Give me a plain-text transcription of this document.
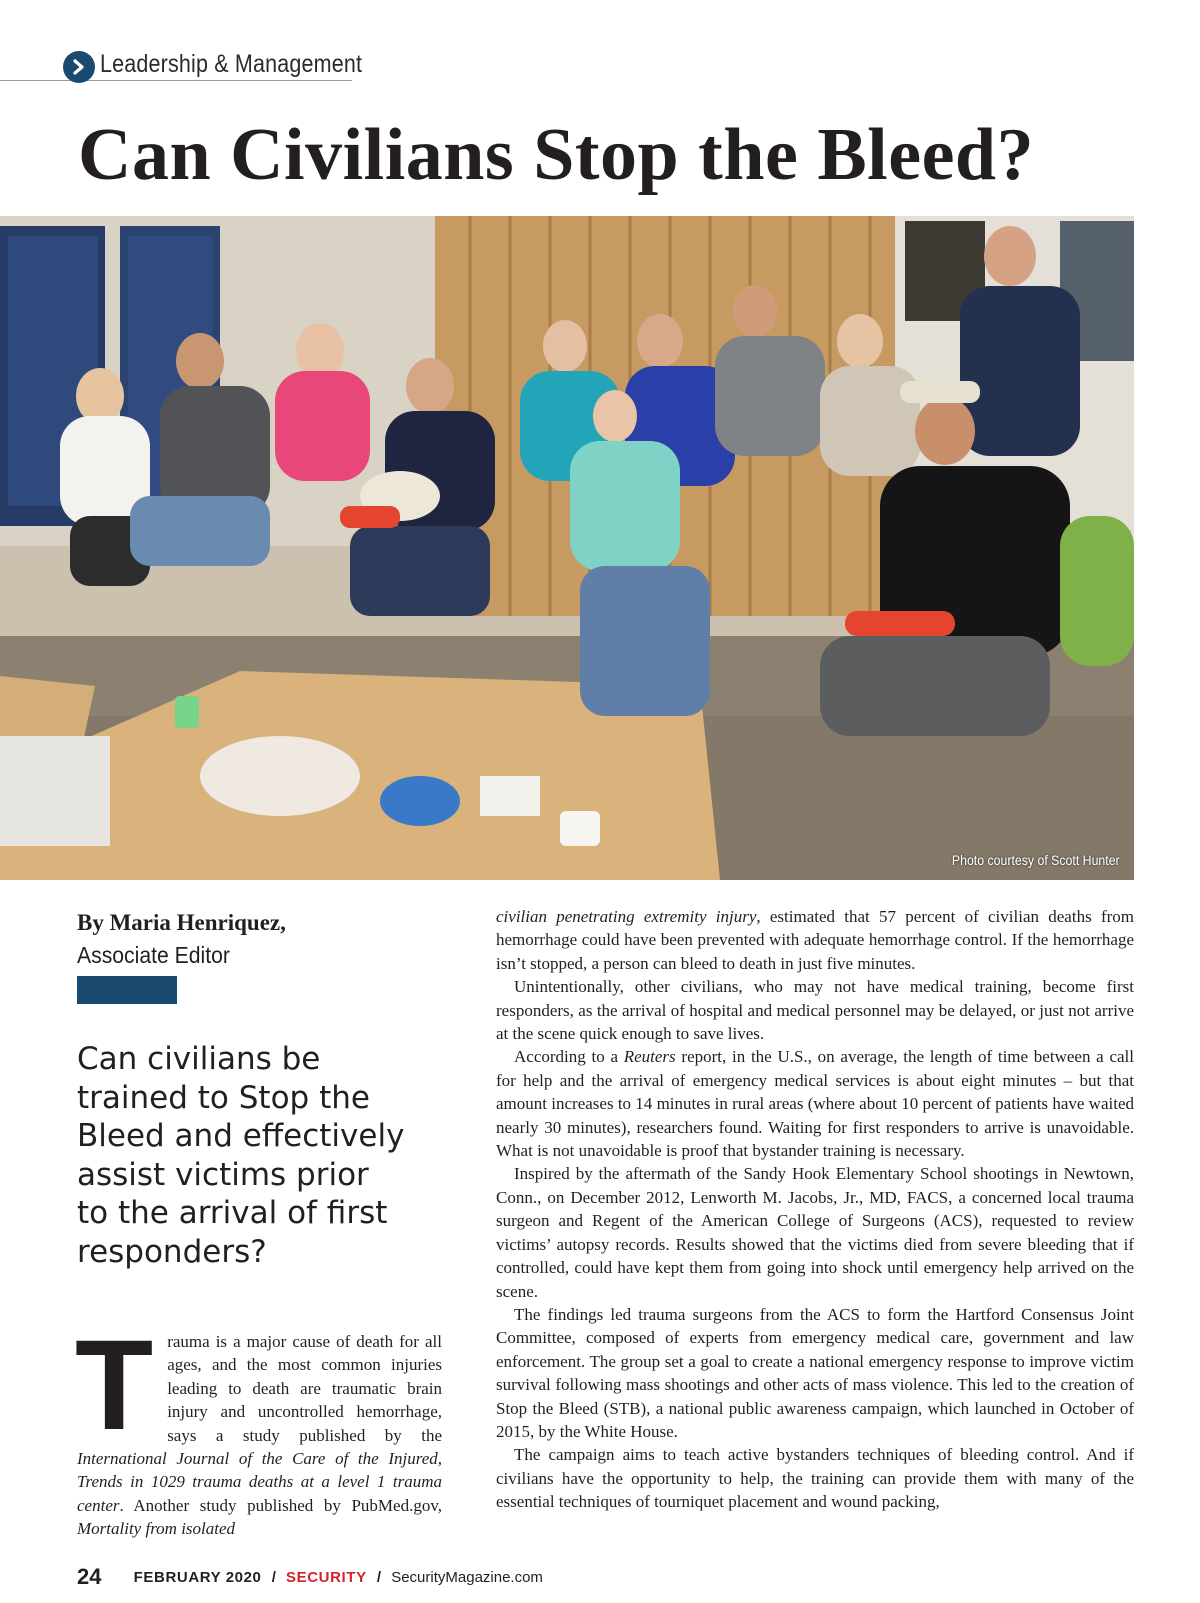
Leadership & Management
Can Civilians Stop the Bleed?
Photo courtesy of Scott Hunter
By Maria Henriquez,
Associate Editor
Can civilians be
trained to Stop the
Bleed and effectively
assist victims prior
to the arrival of first
responders?

Trauma is a major cause of death for all ages, and the most common injuries leading to death are traumatic brain injury and uncontrolled hemorrhage, says a study published by the International Journal of the Care of the Injured, Trends in 1029 trauma deaths at a level 1 trauma center. Another study published by PubMed.gov, Mortality from isolated

civilian penetrating extremity injury, estimated that 57 percent of civilian deaths from hemorrhage could have been prevented with adequate hemorrhage control. If the hemorrhage isn’t stopped, a person can bleed to death in just five minutes.

Unintentionally, other civilians, who may not have medical training, become first responders, as the arrival of hospital and medical personnel may be delayed, or just not arrive at the scene quick enough to save lives.

According to a Reuters report, in the U.S., on average, the length of time between a call for help and the arrival of emergency medical services is about eight minutes – but that amount increases to 14 minutes in rural areas (where about 10 percent of patients have waited nearly 30 minutes), researchers found. Waiting for first responders to arrive is unavoidable. What is not unavoidable is proof that bystander training is necessary.

Inspired by the aftermath of the Sandy Hook Elementary School shootings in Newtown, Conn., on December 2012, Lenworth M. Jacobs, Jr., MD, FACS, a concerned local trauma surgeon and Regent of the American College of Surgeons (ACS), requested to review victims’ autopsy records. Results showed that the victims died from severe bleeding that if controlled, could have kept them from going into shock until emergency help arrived on the scene.

The findings led trauma surgeons from the ACS to form the Hartford Consensus Joint Committee, composed of experts from emergency medical care, government and law enforcement. The group set a goal to create a national emergency response to improve victim survival following mass shootings and other acts of mass violence. This led to the creation of Stop the Bleed (STB), a national public awareness campaign, which launched in October of 2015, by the White House.

The campaign aims to teach active bystanders techniques of bleeding control. And if civilians have the opportunity to help, the training can provide them with many of the essential techniques of tourniquet placement and wound packing,

24 FEBRUARY 2020 / SECURITY / SecurityMagazine.com
